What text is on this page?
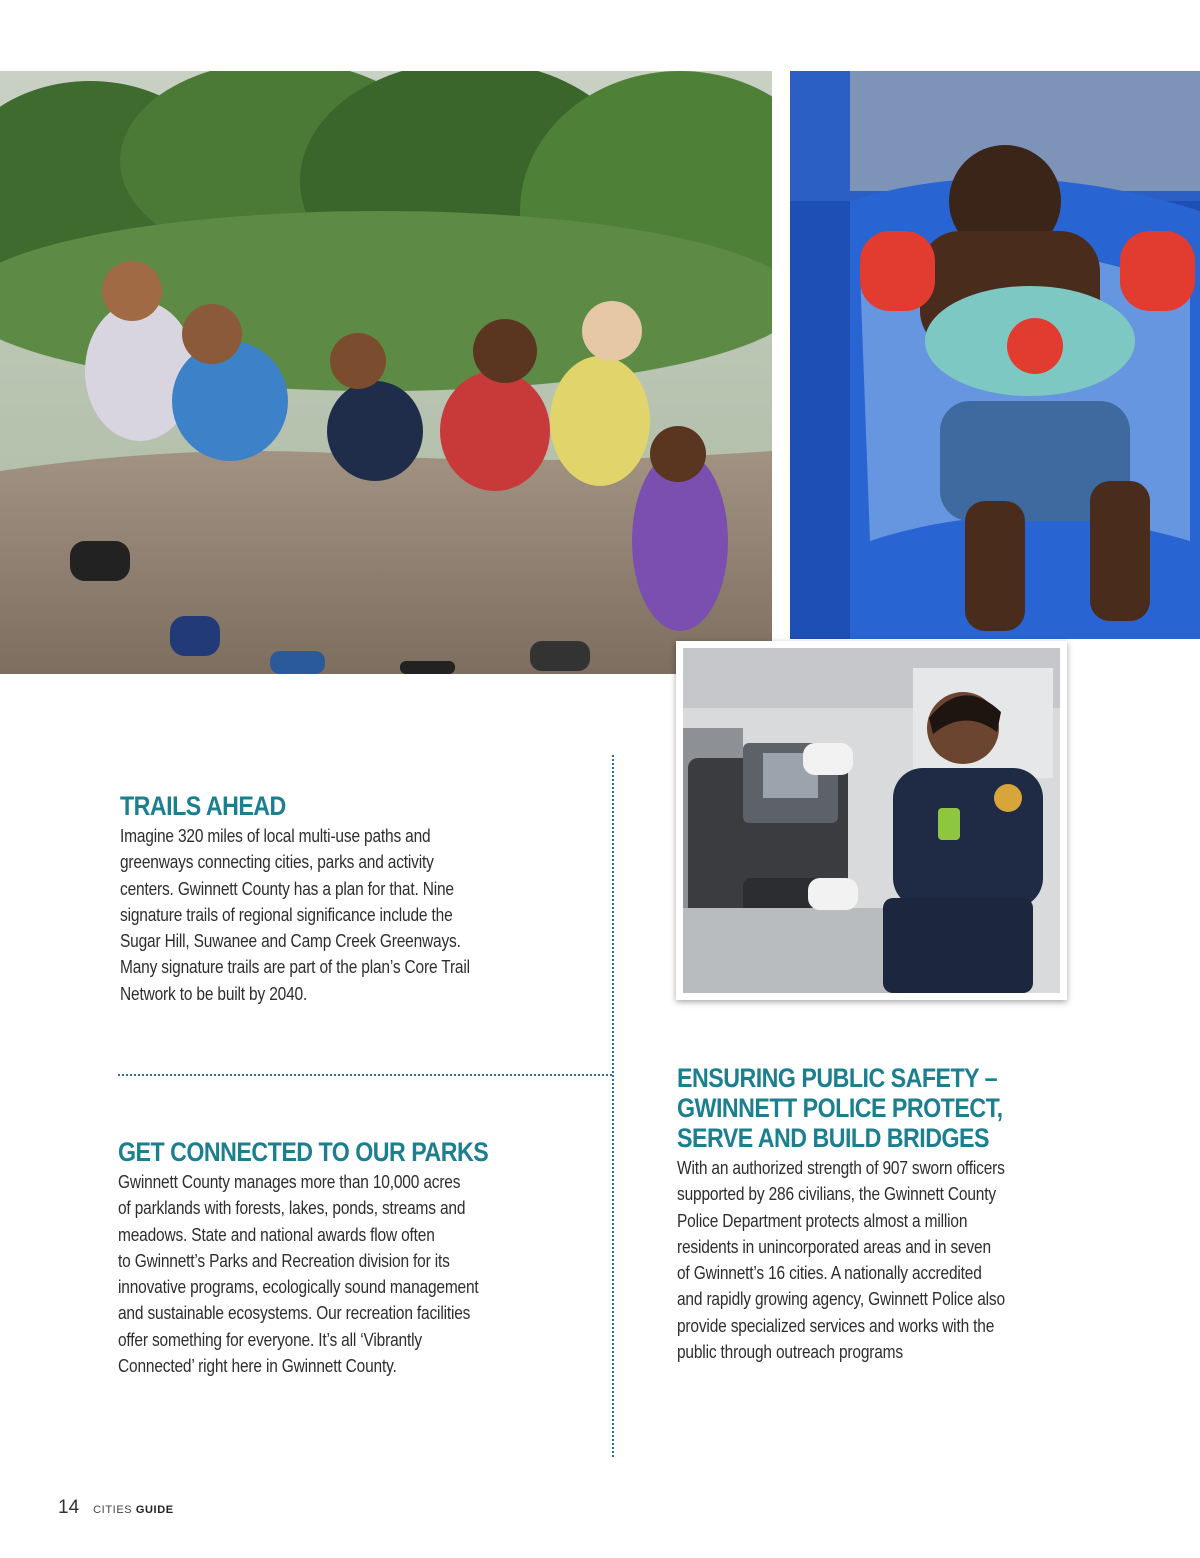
TRAILS AHEAD

Imagine 320 miles of local multi-use paths and
greenways connecting cities, parks and activity
centers. Gwinnett County has a plan for that. Nine
signature trails of regional significance include the
Sugar Hill, Suwanee and Camp Creek Greenways.
Many signature trails are part of the plan’s Core Trail
Network to be built by 2040.

GET CONNECTED TO OUR PARKS

Gwinnett County manages more than 10,000 acres
of parklands with forests, lakes, ponds, streams and
meadows. State and national awards flow often
to Gwinnett’s Parks and Recreation division for its
innovative programs, ecologically sound management
and sustainable ecosystems. Our recreation facilities
offer something for everyone. It’s all ‘Vibrantly
Connected’ right here in Gwinnett County.

ENSURING PUBLIC SAFETY –
GWINNETT POLICE PROTECT,
SERVE AND BUILD BRIDGES

With an authorized strength of 907 sworn officers
supported by 286 civilians, the Gwinnett County
Police Department protects almost a million
residents in unincorporated areas and in seven
of Gwinnett’s 16 cities. A nationally accredited
and rapidly growing agency, Gwinnett Police also
provide specialized services and works with the
public through outreach programs

14 CITIES GUIDE
